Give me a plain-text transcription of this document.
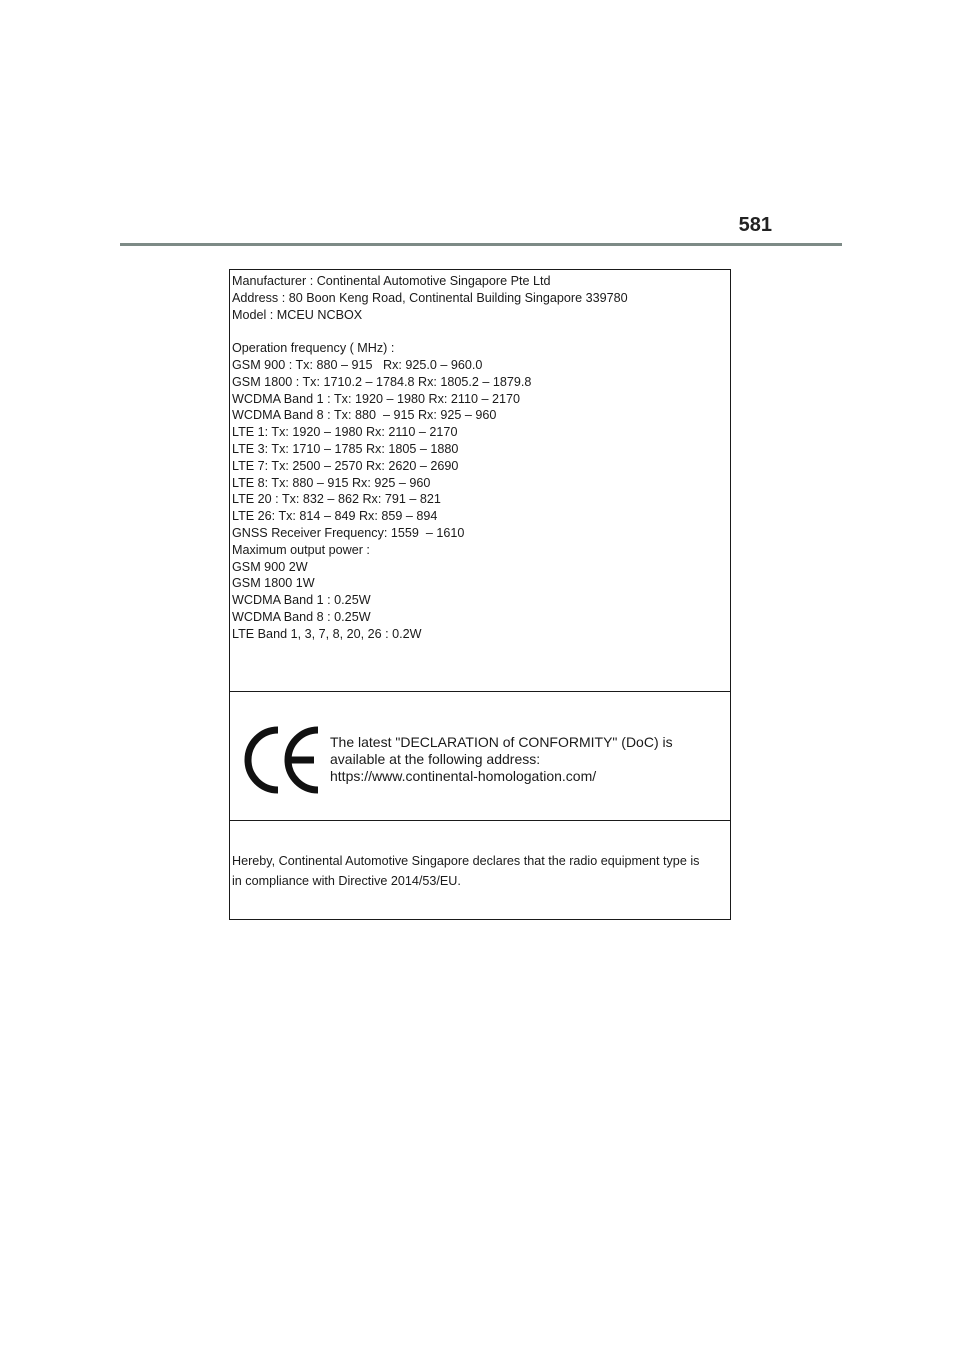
581
Manufacturer : Continental Automotive Singapore Pte Ltd
Address : 80 Boon Keng Road, Continental Building Singapore 339780
Model : MCEU NCBOX
Operation frequency ( MHz) :
GSM 900 : Tx: 880 – 915   Rx: 925.0 – 960.0
GSM 1800 : Tx: 1710.2 – 1784.8 Rx: 1805.2 – 1879.8
WCDMA Band 1 : Tx: 1920 – 1980 Rx: 2110 – 2170
WCDMA Band 8 : Tx: 880  – 915 Rx: 925 – 960
LTE 1: Tx: 1920 – 1980 Rx: 2110 – 2170
LTE 3: Tx: 1710 – 1785 Rx: 1805 – 1880
LTE 7: Tx: 2500 – 2570 Rx: 2620 – 2690
LTE 8: Tx: 880 – 915 Rx: 925 – 960
LTE 20 : Tx: 832 – 862 Rx: 791 – 821
LTE 26: Tx: 814 – 849 Rx: 859 – 894
GNSS Receiver Frequency: 1559  – 1610
Maximum output power :
GSM 900 2W
GSM 1800 1W
WCDMA Band 1 : 0.25W
WCDMA Band 8 : 0.25W
LTE Band 1, 3, 7, 8, 20, 26 : 0.2W
The latest "DECLARATION of CONFORMITY" (DoC) is
available at the following address:
https://www.continental-homologation.com/
Hereby, Continental Automotive Singapore declares that the radio equipment type is
in compliance with Directive 2014/53/EU.
